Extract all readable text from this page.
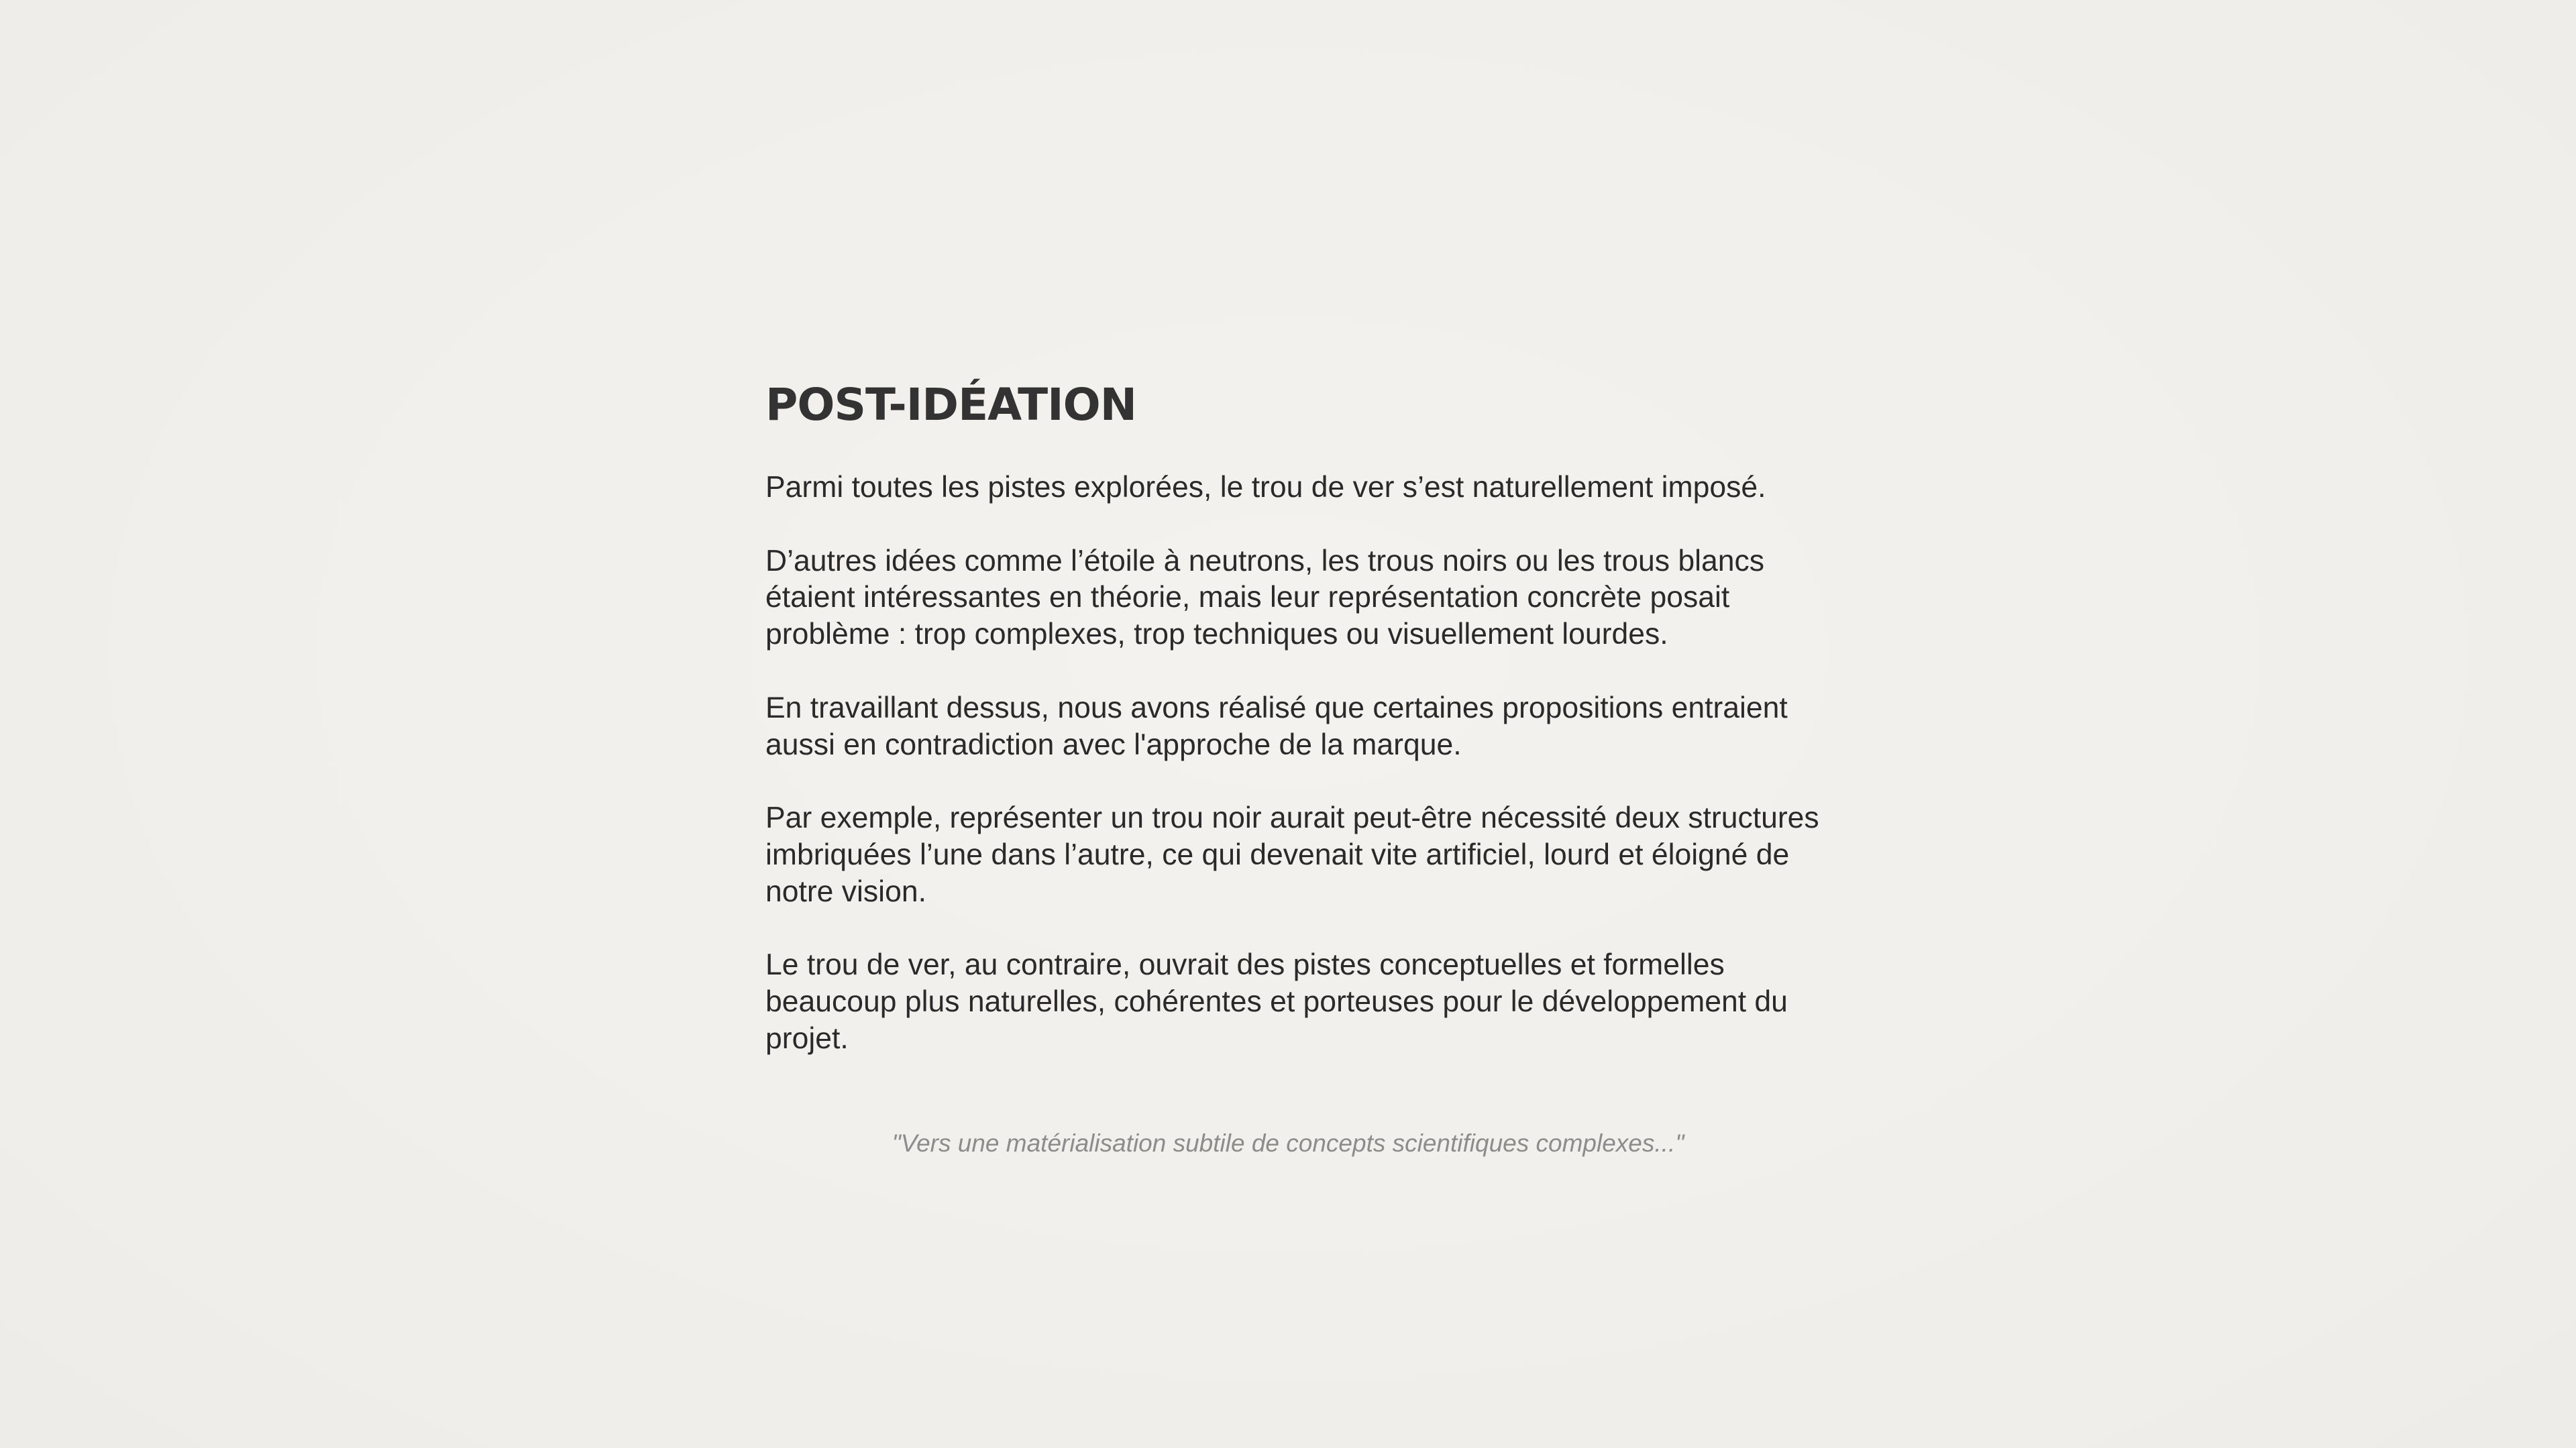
POST-IDÉATION

Parmi toutes les pistes explorées, le trou de ver s’est naturellement imposé.

D’autres idées comme l’étoile à neutrons, les trous noirs ou les trous blancs étaient intéressantes en théorie, mais leur représentation concrète posait problème : trop complexes, trop techniques ou visuellement lourdes.

En travaillant dessus, nous avons réalisé que certaines propositions entraient aussi en contradiction avec l'approche de la marque.

Par exemple, représenter un trou noir aurait peut-être nécessité deux structures imbriquées l’une dans l’autre, ce qui devenait vite artificiel, lourd et éloigné de notre vision.

Le trou de ver, au contraire, ouvrait des pistes conceptuelles et formelles beaucoup plus naturelles, cohérentes et porteuses pour le développement du projet.

"Vers une matérialisation subtile de concepts scientifiques complexes..."
